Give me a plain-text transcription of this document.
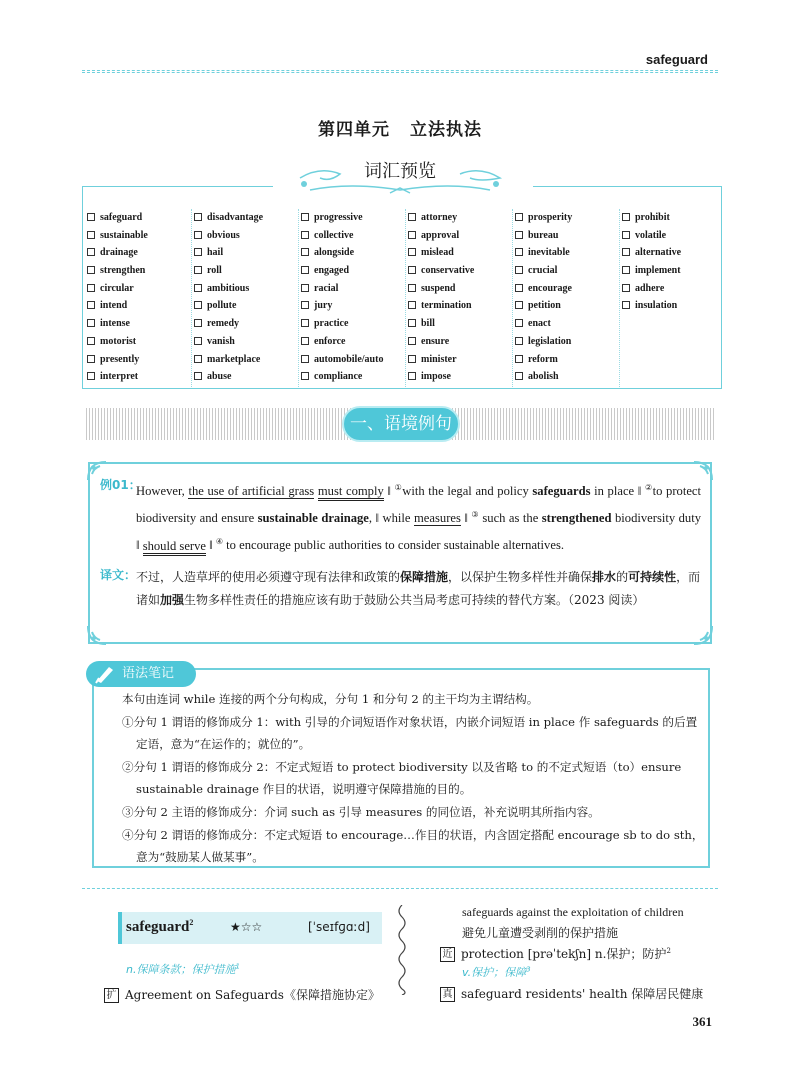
safeguard
第四单元 立法执法
safeguard
sustainable
drainage
strengthen
circular
intend
intense
motorist
presently
interpret
disadvantage
obvious
hail
roll
ambitious
pollute
remedy
vanish
marketplace
abuse
progressive
collective
alongside
engaged
racial
jury
practice
enforce
automobile/auto
compliance
attorney
approval
mislead
conservative
suspend
termination
bill
ensure
minister
impose
prosperity
bureau
inevitable
crucial
encourage
petition
enact
legislation
reform
abolish
prohibit
volatile
alternative
implement
adhere
insulation
词汇预览
一、语境例句
例01：
However, the use of artificial grass must comply ‖ ①with the legal and policy safeguards in place ‖ ②to protect biodiversity and ensure sustainable drainage, ‖ while measures ‖ ③ such as the strengthened biodiversity duty ‖ should serve ‖ ④ to encourage public authorities to consider sustainable alternatives.
译文： 不过，人造草坪的使用必须遵守现有法律和政策的保障措施，以保护生物多样性并确保排水的可持续性，而诸如加强生物多样性责任的措施应该有助于鼓励公共当局考虑可持续的替代方案。（2023 阅读）
语法笔记
本句由连词 while 连接的两个分句构成，分句 1 和分句 2 的主干均为主谓结构。
①分句 1 谓语的修饰成分 1：with 引导的介词短语作对象状语，内嵌介词短语 in place 作 safeguards 的后置定语，意为“在运作的；就位的”。
②分句 1 谓语的修饰成分 2：不定式短语 to protect biodiversity 以及省略 to 的不定式短语（to）ensure sustainable drainage 作目的状语，说明遵守保障措施的目的。
③分句 2 主语的修饰成分：介词 such as 引导 measures 的同位语，补充说明其所指内容。
④分句 2 谓语的修饰成分：不定式短语 to encourage…作目的状语，内含固定搭配 encourage sb to do sth，意为“鼓励某人做某事”。
safeguard$^2$	★☆☆	[ˈseɪfɡɑːd]
n.保障条款；保护措施$^1$
扩 Agreement on Safeguards《保障措施协定》
safeguards against the exploitation of children
避免儿童遭受剥削的保护措施
近 protection [prəˈtekʃn] n.保护；防护$^2$
v.保护；保障$^3$
真 safeguard residents' health 保障居民健康
361
